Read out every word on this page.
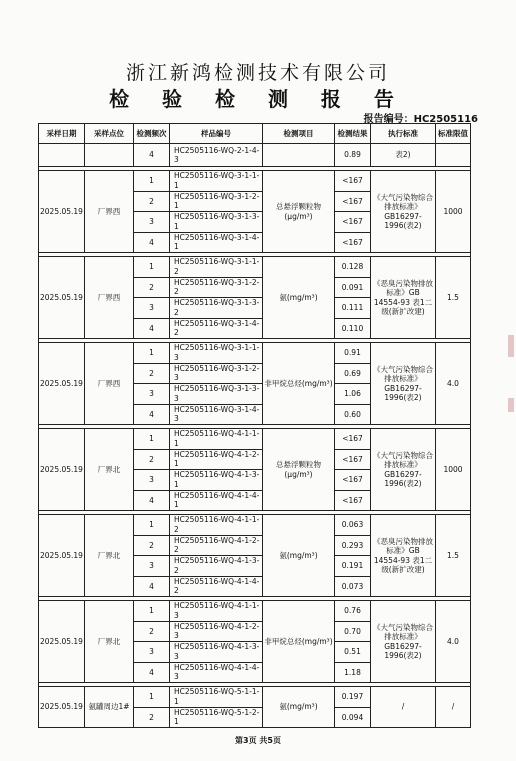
浙江新鸿检测技术有限公司
检 验 检 测 报 告
报告编号：HC2505116
采样日期	采样点位	检测频次	样品编号	检测项目	检测结果	执行标准	标准限值
		4	HC2505116-WQ-2-1-4-3		0.89	表2)	

2025.05.19	厂界西	1	HC2505116-WQ-3-1-1-1	总悬浮颗粒物(μg/m³)	<167	《大气污染物综合排放标准》GB16297-1996(表2)	1000
		2	HC2505116-WQ-3-1-2-1		<167		
		3	HC2505116-WQ-3-1-3-1		<167		
		4	HC2505116-WQ-3-1-4-1		<167		

2025.05.19	厂界西	1	HC2505116-WQ-3-1-1-2	氨(mg/m³)	0.128	《恶臭污染物排放标准》GB 14554-93 表1二级(新扩改建)	1.5
		2	HC2505116-WQ-3-1-2-2		0.091		
		3	HC2505116-WQ-3-1-3-2		0.111		
		4	HC2505116-WQ-3-1-4-2		0.110		

2025.05.19	厂界西	1	HC2505116-WQ-3-1-1-3	非甲烷总烃(mg/m³)	0.91	《大气污染物综合排放标准》GB16297-1996(表2)	4.0
		2	HC2505116-WQ-3-1-2-3		0.69		
		3	HC2505116-WQ-3-1-3-3		1.06		
		4	HC2505116-WQ-3-1-4-3		0.60		

2025.05.19	厂界北	1	HC2505116-WQ-4-1-1-1	总悬浮颗粒物(μg/m³)	<167	《大气污染物综合排放标准》GB16297-1996(表2)	1000
		2	HC2505116-WQ-4-1-2-1		<167		
		3	HC2505116-WQ-4-1-3-1		<167		
		4	HC2505116-WQ-4-1-4-1		<167		

2025.05.19	厂界北	1	HC2505116-WQ-4-1-1-2	氨(mg/m³)	0.063	《恶臭污染物排放标准》GB 14554-93 表1二级(新扩改建)	1.5
		2	HC2505116-WQ-4-1-2-2		0.293		
		3	HC2505116-WQ-4-1-3-2		0.191		
		4	HC2505116-WQ-4-1-4-2		0.073		

2025.05.19	厂界北	1	HC2505116-WQ-4-1-1-3	非甲烷总烃(mg/m³)	0.76	《大气污染物综合排放标准》GB16297-1996(表2)	4.0
		2	HC2505116-WQ-4-1-2-3		0.70		
		3	HC2505116-WQ-4-1-3-3		0.51		
		4	HC2505116-WQ-4-1-4-3		1.18		

2025.05.19	氨罐周边1#	1	HC2505116-WQ-5-1-1-1	氨(mg/m³)	0.197	/	/
		2	HC2505116-WQ-5-1-2-1		0.094		
第3页 共5页
